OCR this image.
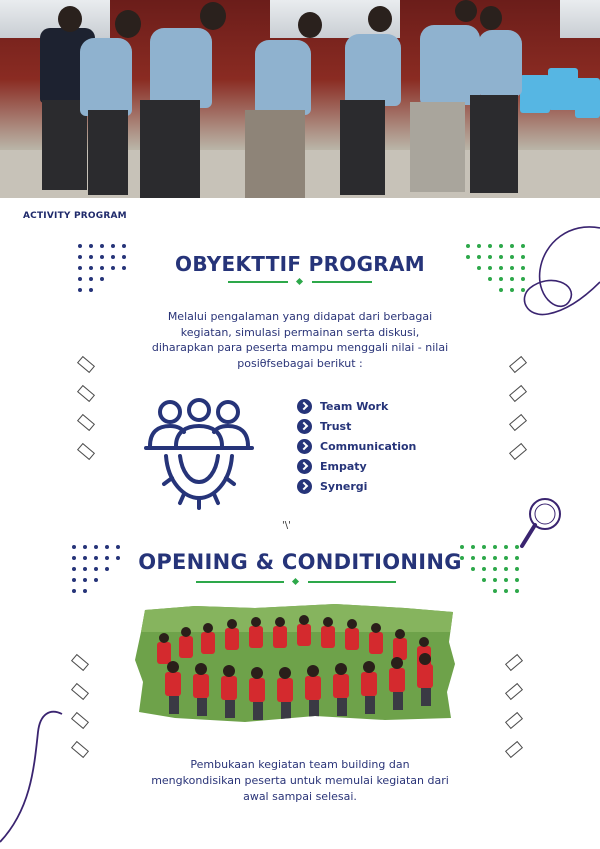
ACTIVITY PROGRAM
OBYEKTTIF PROGRAM
Melalui pengalaman yang didapat dari berbagai
kegiatan, simulasi permainan serta diskusi,
diharapkan para peserta mampu menggali nilai - nilai
posiθfsebagai berikut :
Team Work
Trust
Communication
Empaty
Synergi
'\'
OPENING & CONDITIONING
Pembukaan kegiatan team building dan
mengkondisikan peserta untuk memulai kegiatan dari
awal sampai selesai.
